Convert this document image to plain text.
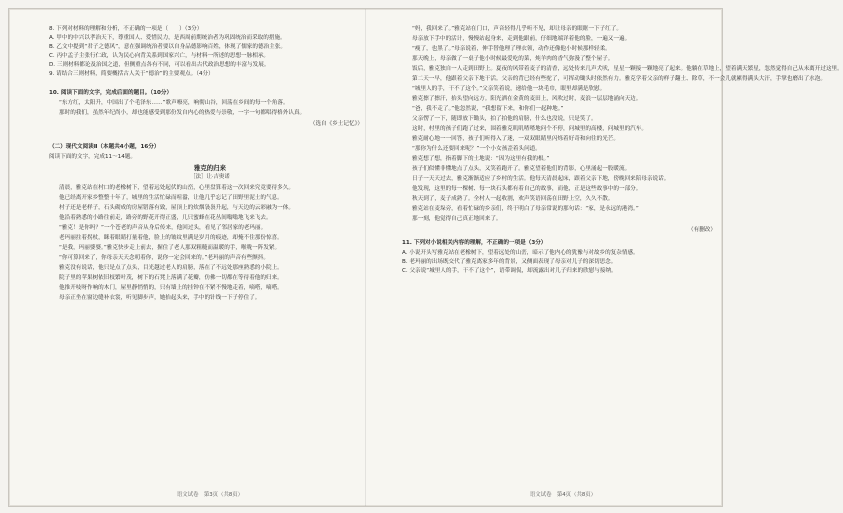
8. 下列对材料的理解和分析，不正确的一项是（　　）（3分）

A. 甲中的中兴以孝治天下，尊重国人、爱惜民力，是西周前期统治者为巩固统治而采取的措施。

B. 乙文中提到“君子之德风”，意在强调统治者要以自身品德影响百姓，体现了儒家的德治主张。

C. 丙中孟子主张行仁政，认为民心向背关系到国家兴亡，与材料一所述的思想一脉相承。

D. 三则材料都论及治国之道，但侧重点各有不同，可以看出古代政治思想的丰富与发展。

9. 请结合三则材料，简要概括古人关于“德治”的主要观点。（4分）

10. 阅读下面的文字，完成后面的题目。（10分）

“东方红，太阳升，中国出了个毛泽东……”歌声嘹亮，响彻山谷，回荡在乡间的每一个角落。

那时的我们，虽然年纪尚小，却也能感受到那份发自内心的热爱与崇敬，一字一句都唱得格外认真。

（选自《乡土记忆》）

（二）现代文阅读Ⅱ（本题共4小题，16分）

阅读下面的文字，完成11～14题。

雅克的归来

［法］让·吉奥诺

清晨，雅克站在村口的老橡树下，望着远处起伏的山峦，心里盘算着这一次回来究竟要待多久。

他已经离开家乡整整十年了，城里的生活忙碌而喧嚣，让他几乎忘记了田野里泥土的气息。

村子还是老样子，石头砌成的房屋错落有致，屋顶上的炊烟袅袅升起，与天边的云彩融为一体。

他沿着熟悉的小路往前走，路旁的野花开得正盛，几只蜜蜂在花丛间嗡嗡地飞来飞去。

“雅克！是你吗？”一个苍老的声音从身后传来，他回过头，看见了邻居家的老玛丽。

老玛丽拄着拐杖，眯着眼睛打量着他，脸上的皱纹里满是岁月的痕迹，却掩不住那份惊喜。

“是我，玛丽婆婆。”雅克快步走上前去，握住了老人那双粗糙而温暖的手，喉咙一阵发紧。

“你可算回来了，你母亲天天念叨着你，说你一定会回来的。”老玛丽的声音有些颤抖。

雅克没有说话，他只是点了点头，目光越过老人的肩膀，落在了不远处那座熟悉的小院上。

院子里的苹果树依旧枝繁叶茂，树下的石凳上落满了花瓣，仿佛一切都在等待着他的归来。

他推开吱呀作响的木门，屋里静悄悄的，只有墙上的挂钟在不紧不慢地走着，嘀嗒，嘀嗒。

母亲正坐在窗边缝补衣裳，听见脚步声，她抬起头来，手中的针线一下子停住了。

语文试卷　第3页（共8页）

“妈，我回来了。”雅克站在门口，声音轻得几乎听不见，却让母亲的眼眶一下子红了。

母亲放下手中的活计，慢慢站起身来，走到他跟前，仔细地端详着他的脸，一遍又一遍。

“瘦了，也黑了。”母亲说着，伸手替他理了理衣领，动作还像他小时候那样轻柔。

那天晚上，母亲做了一桌子他小时候最爱吃的菜，炖羊肉的香气弥漫了整个屋子。

饭后，雅克独自一人走到田野上。夏夜的风带着麦子的清香，远处传来几声犬吠，星星一颗接一颗地亮了起来。他躺在草地上，望着满天繁星，忽然觉得自己从未离开过这里。

第二天一早，他跟着父亲下地干活。父亲的背已经有些驼了，可挥动锄头时依然有力。雅克学着父亲的样子翻土、除草，不一会儿就累得满头大汗，手掌也磨出了水泡。

“城里人的手，干不了这个。”父亲笑着说，递给他一块毛巾，眼里却满是欣慰。

雅克擦了擦汗，抬头望向远方。阳光洒在金黄的麦田上，风吹过时，麦浪一层层地涌向天边。

“爸，我不走了。”他忽然说，“我想留下来，和你们一起种地。”

父亲愣了一下，随即放下锄头，拍了拍他的肩膀，什么也没说，只是笑了。

这时，村里的孩子们跑了过来，围着雅克叽叽喳喳地问个不停，问城里的高楼，问城里的汽车。

雅克耐心地一一回答，孩子们听得入了迷，一双双眼睛里闪烁着好奇和向往的光芒。

“那你为什么还要回来呢？”一个小女孩歪着头问道。

雅克想了想，指着脚下的土地说：“因为这里有我的根。”

孩子们似懂非懂地点了点头，又笑着跑开了。雅克望着他们的背影，心里涌起一股暖流。

日子一天天过去，雅克渐渐适应了乡村的生活。他每天清晨起床，跟着父亲下地，傍晚回来陪母亲说话。

他发现，这里的每一棵树、每一块石头都有着自己的故事，而他，正是这些故事中的一部分。

秋天到了，麦子成熟了。全村人一起收割，欢声笑语回荡在田野上空，久久不散。

雅克站在麦垛旁，看着忙碌的乡亲们，终于明白了母亲常说的那句话：“家，是永远的港湾。”

那一刻，他觉得自己真正地回来了。

（有删改）

11. 下列对小说相关内容的理解，不正确的一项是（3分）

A. 小说开头写雅克站在老橡树下，望着远处的山峦，暗示了他内心的犹豫与对故乡的复杂情感。

B. 老玛丽的出场既交代了雅克离家多年的背景，又侧面表现了母亲对儿子的深切思念。

C. 父亲说“城里人的手，干不了这个”，语带调侃，却流露出对儿子归来的欣慰与接纳。

语文试卷　第4页（共8页）
